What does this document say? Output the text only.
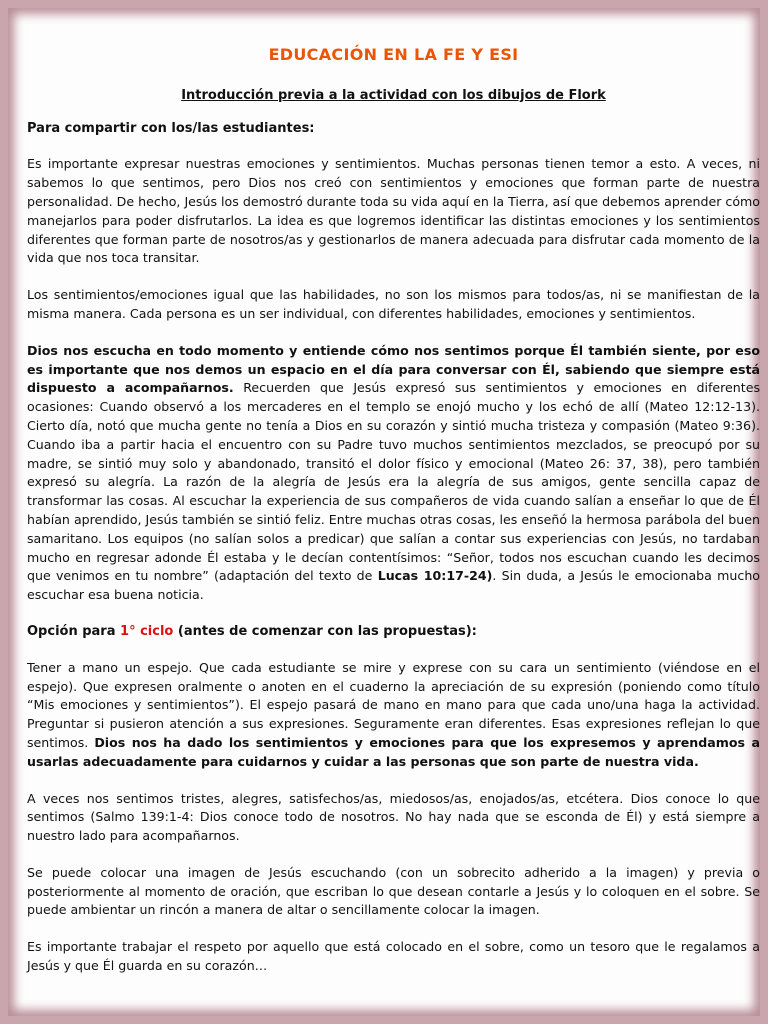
EDUCACIÓN EN LA FE Y ESI
Introducción previa a la actividad con los dibujos de Flork
Para compartir con los/las estudiantes:

Es importante expresar nuestras emociones y sentimientos. Muchas personas tienen temor a esto. A veces, ni sabemos lo que sentimos, pero Dios nos creó con sentimientos y emociones que forman parte de nuestra personalidad. De hecho, Jesús los demostró durante toda su vida aquí en la Tierra, así que debemos aprender cómo manejarlos para poder disfrutarlos. La idea es que logremos identificar las distintas emociones y los sentimientos diferentes que forman parte de nosotros/as y gestionarlos de manera adecuada para disfrutar cada momento de la vida que nos toca transitar.

Los sentimientos/emociones igual que las habilidades, no son los mismos para todos/as, ni se manifiestan de la misma manera. Cada persona es un ser individual, con diferentes habilidades, emociones y sentimientos.

Dios nos escucha en todo momento y entiende cómo nos sentimos porque Él también siente, por eso es importante que nos demos un espacio en el día para conversar con Él, sabiendo que siempre está dispuesto a acompañarnos. Recuerden que Jesús expresó sus sentimientos y emociones en diferentes ocasiones: Cuando observó a los mercaderes en el templo se enojó mucho y los echó de allí (Mateo 12:12-13). Cierto día, notó que mucha gente no tenía a Dios en su corazón y sintió mucha tristeza y compasión (Mateo 9:36). Cuando iba a partir hacia el encuentro con su Padre tuvo muchos sentimientos mezclados, se preocupó por su madre, se sintió muy solo y abandonado, transitó el dolor físico y emocional (Mateo 26: 37, 38), pero también expresó su alegría. La razón de la alegría de Jesús era la alegría de sus amigos, gente sencilla capaz de transformar las cosas. Al escuchar la experiencia de sus compañeros de vida cuando salían a enseñar lo que de Él habían aprendido, Jesús también se sintió feliz. Entre muchas otras cosas, les enseñó la hermosa parábola del buen samaritano. Los equipos (no salían solos a predicar) que salían a contar sus experiencias con Jesús, no tardaban mucho en regresar adonde Él estaba y le decían contentísimos: “Señor, todos nos escuchan cuando les decimos que venimos en tu nombre” (adaptación del texto de Lucas 10:17-24). Sin duda, a Jesús le emocionaba mucho escuchar esa buena noticia.

Opción para 1° ciclo (antes de comenzar con las propuestas):

Tener a mano un espejo. Que cada estudiante se mire y exprese con su cara un sentimiento (viéndose en el espejo). Que expresen oralmente o anoten en el cuaderno la apreciación de su expresión (poniendo como título “Mis emociones y sentimientos”). El espejo pasará de mano en mano para que cada uno/una haga la actividad. Preguntar si pusieron atención a sus expresiones. Seguramente eran diferentes. Esas expresiones reflejan lo que sentimos. Dios nos ha dado los sentimientos y emociones para que los expresemos y aprendamos a usarlas adecuadamente para cuidarnos y cuidar a las personas que son parte de nuestra vida.

A veces nos sentimos tristes, alegres, satisfechos/as, miedosos/as, enojados/as, etcétera. Dios conoce lo que sentimos (Salmo 139:1-4: Dios conoce todo de nosotros. No hay nada que se esconda de Él) y está siempre a nuestro lado para acompañarnos.

Se puede colocar una imagen de Jesús escuchando (con un sobrecito adherido a la imagen) y previa o posteriormente al momento de oración, que escriban lo que desean contarle a Jesús y lo coloquen en el sobre. Se puede ambientar un rincón a manera de altar o sencillamente colocar la imagen.

Es importante trabajar el respeto por aquello que está colocado en el sobre, como un tesoro que le regalamos a Jesús y que Él guarda en su corazón…
